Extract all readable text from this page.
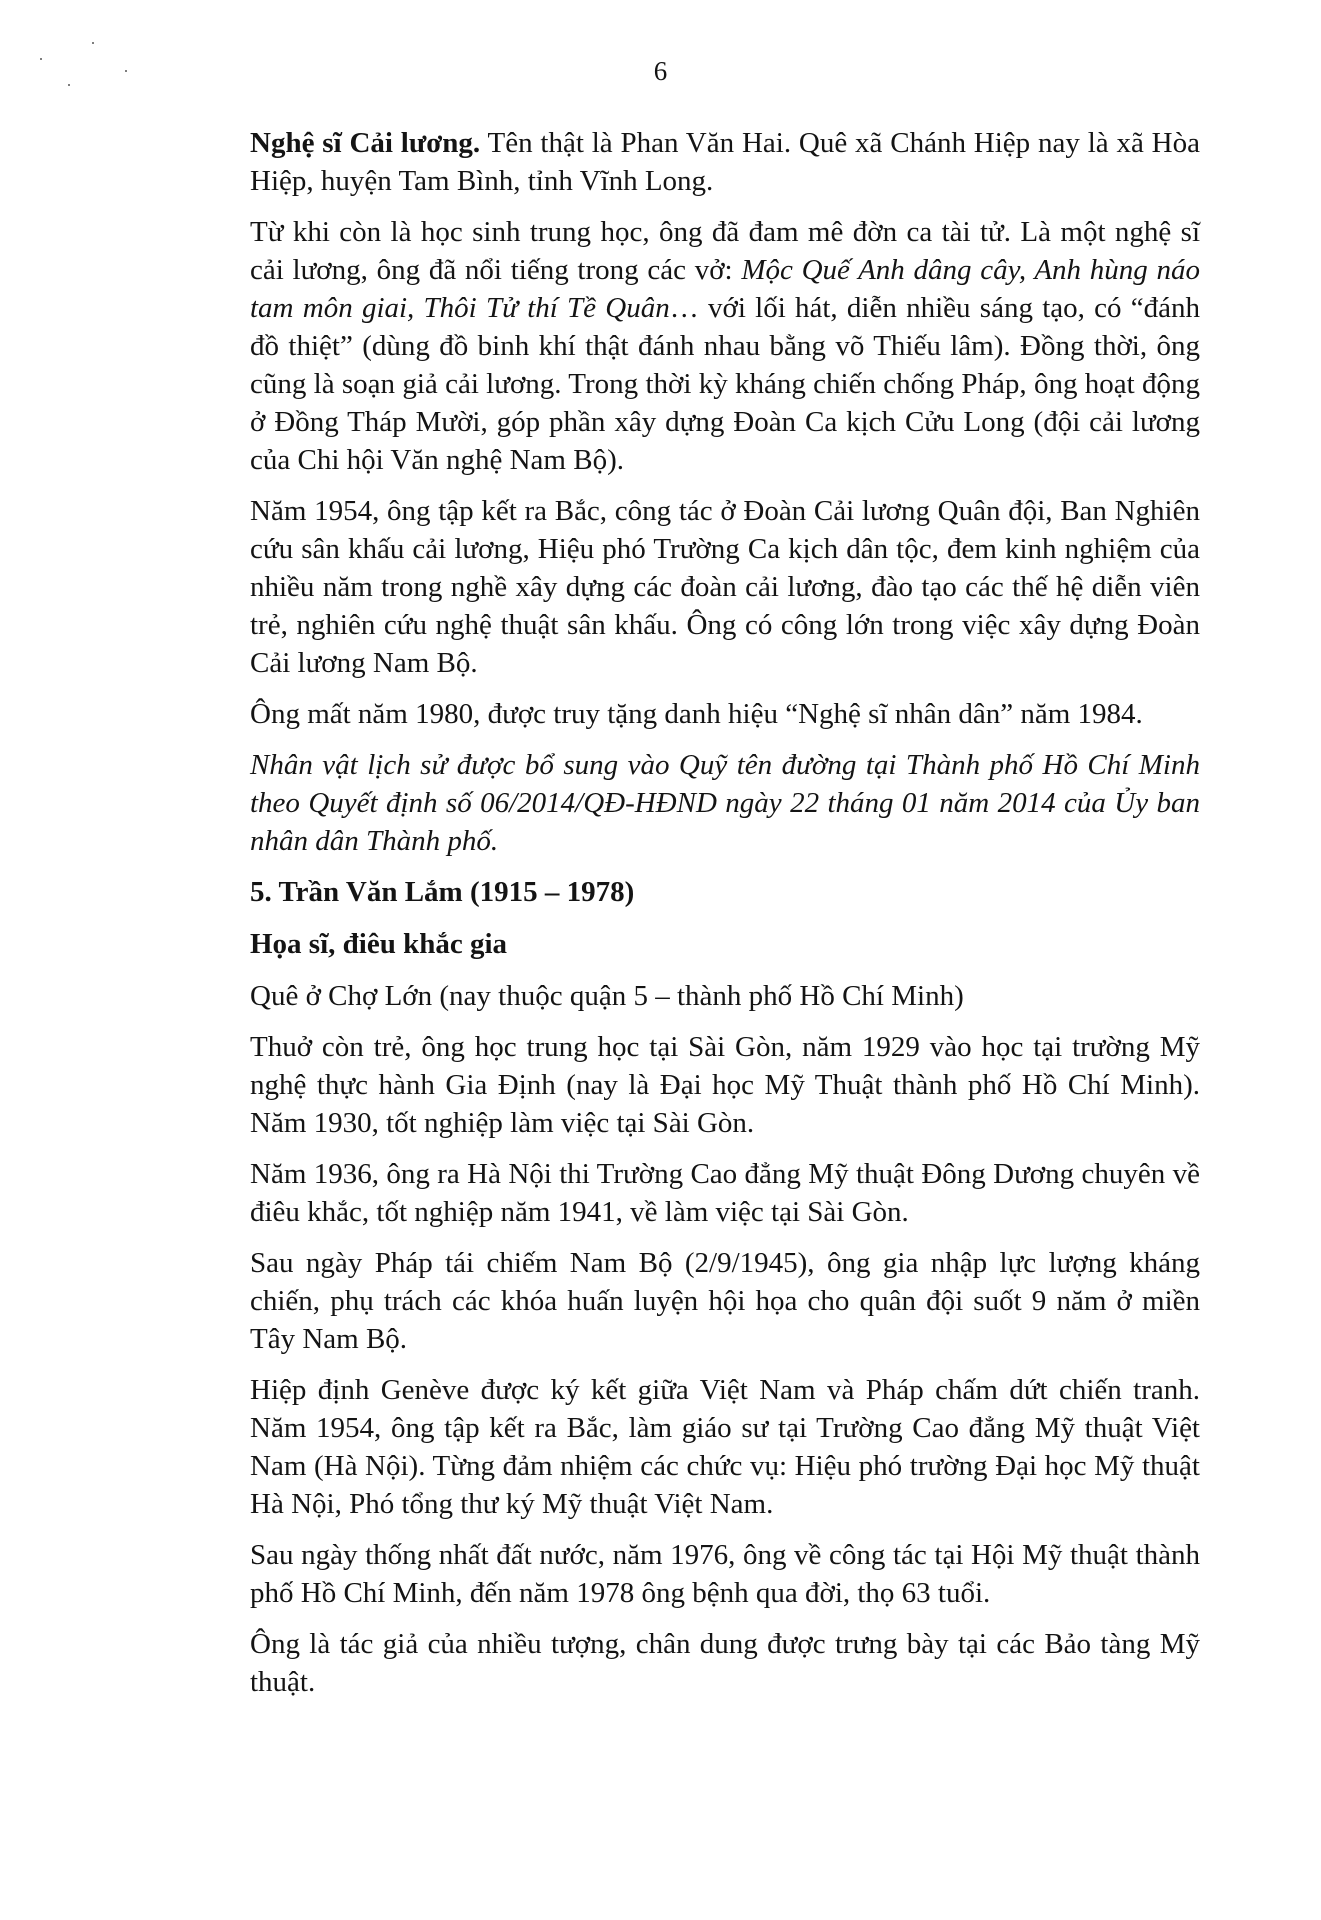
6

Nghệ sĩ Cải lương. Tên thật là Phan Văn Hai. Quê xã Chánh Hiệp nay là xã Hòa Hiệp, huyện Tam Bình, tỉnh Vĩnh Long.

Từ khi còn là học sinh trung học, ông đã đam mê đờn ca tài tử. Là một nghệ sĩ cải lương, ông đã nổi tiếng trong các vở: Mộc Quế Anh dâng cây, Anh hùng náo tam môn giai, Thôi Tử thí Tề Quân… với lối hát, diễn nhiều sáng tạo, có “đánh đồ thiệt” (dùng đồ binh khí thật đánh nhau bằng võ Thiếu lâm). Đồng thời, ông cũng là soạn giả cải lương. Trong thời kỳ kháng chiến chống Pháp, ông hoạt động ở Đồng Tháp Mười, góp phần xây dựng Đoàn Ca kịch Cửu Long (đội cải lương của Chi hội Văn nghệ Nam Bộ).

Năm 1954, ông tập kết ra Bắc, công tác ở Đoàn Cải lương Quân đội, Ban Nghiên cứu sân khấu cải lương, Hiệu phó Trường Ca kịch dân tộc, đem kinh nghiệm của nhiều năm trong nghề xây dựng các đoàn cải lương, đào tạo các thế hệ diễn viên trẻ, nghiên cứu nghệ thuật sân khấu. Ông có công lớn trong việc xây dựng Đoàn Cải lương Nam Bộ.

Ông mất năm 1980, được truy tặng danh hiệu “Nghệ sĩ nhân dân” năm 1984.

Nhân vật lịch sử được bổ sung vào Quỹ tên đường tại Thành phố Hồ Chí Minh theo Quyết định số 06/2014/QĐ-HĐND ngày 22 tháng 01 năm 2014 của Ủy ban nhân dân Thành phố.

5. Trần Văn Lắm (1915 – 1978)
Họa sĩ, điêu khắc gia

Quê ở Chợ Lớn (nay thuộc quận 5 – thành phố Hồ Chí Minh)

Thuở còn trẻ, ông học trung học tại Sài Gòn, năm 1929 vào học tại trường Mỹ nghệ thực hành Gia Định (nay là Đại học Mỹ Thuật thành phố Hồ Chí Minh). Năm 1930, tốt nghiệp làm việc tại Sài Gòn.

Năm 1936, ông ra Hà Nội thi Trường Cao đẳng Mỹ thuật Đông Dương chuyên về điêu khắc, tốt nghiệp năm 1941, về làm việc tại Sài Gòn.

Sau ngày Pháp tái chiếm Nam Bộ (2/9/1945), ông gia nhập lực lượng kháng chiến, phụ trách các khóa huấn luyện hội họa cho quân đội suốt 9 năm ở miền Tây Nam Bộ.

Hiệp định Genève được ký kết giữa Việt Nam và Pháp chấm dứt chiến tranh. Năm 1954, ông tập kết ra Bắc, làm giáo sư tại Trường Cao đẳng Mỹ thuật Việt Nam (Hà Nội). Từng đảm nhiệm các chức vụ: Hiệu phó trường Đại học Mỹ thuật Hà Nội, Phó tổng thư ký Mỹ thuật Việt Nam.

Sau ngày thống nhất đất nước, năm 1976, ông về công tác tại Hội Mỹ thuật thành phố Hồ Chí Minh, đến năm 1978 ông bệnh qua đời, thọ 63 tuổi.

Ông là tác giả của nhiều tượng, chân dung được trưng bày tại các Bảo tàng Mỹ thuật.
